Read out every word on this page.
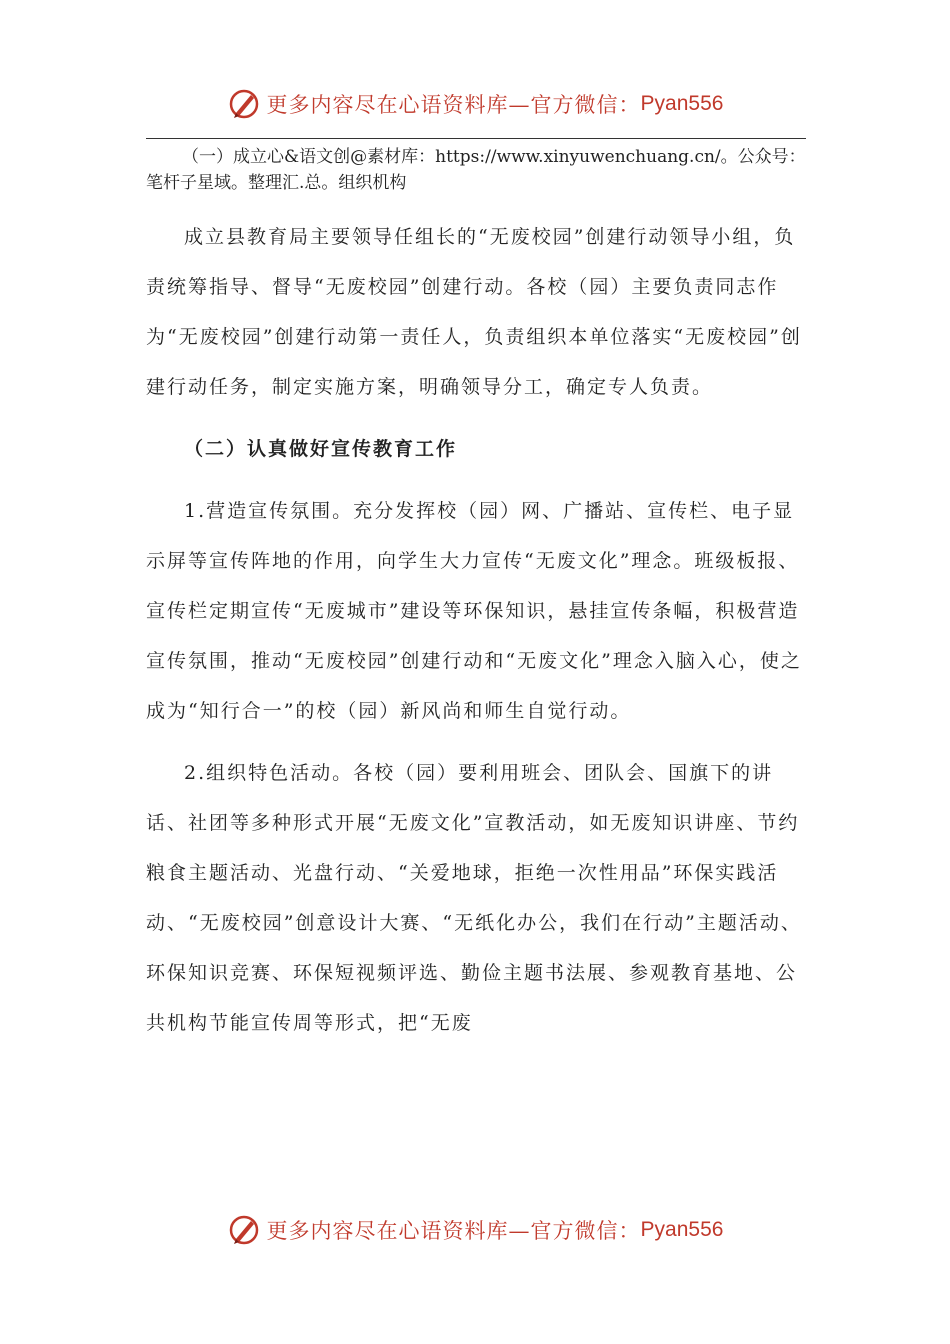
更多内容尽在心语资料库—官方微信： Pyan556

（一）成立心&语文创@素材库：https://www.xinyuwenchuang.cn/。公众号：笔杆子星域。整理汇.总。组织机构

成立县教育局主要领导任组长的“无废校园”创建行动领导小组，负责统筹指导、督导“无废校园”创建行动。各校（园）主要负责同志作为“无废校园”创建行动第一责任人，负责组织本单位落实“无废校园”创建行动任务，制定实施方案，明确领导分工，确定专人负责。

（二）认真做好宣传教育工作

1.营造宣传氛围。充分发挥校（园）网、广播站、宣传栏、电子显示屏等宣传阵地的作用，向学生大力宣传“无废文化”理念。班级板报、宣传栏定期宣传“无废城市”建设等环保知识，悬挂宣传条幅，积极营造宣传氛围，推动“无废校园”创建行动和“无废文化”理念入脑入心，使之成为“知行合一”的校（园）新风尚和师生自觉行动。

2.组织特色活动。各校（园）要利用班会、团队会、国旗下的讲话、社团等多种形式开展“无废文化”宣教活动，如无废知识讲座、节约粮食主题活动、光盘行动、“关爱地球，拒绝一次性用品”环保实践活动、“无废校园”创意设计大赛、“无纸化办公，我们在行动”主题活动、环保知识竞赛、环保短视频评选、勤俭主题书法展、参观教育基地、公共机构节能宣传周等形式，把“无废

更多内容尽在心语资料库—官方微信： Pyan556
